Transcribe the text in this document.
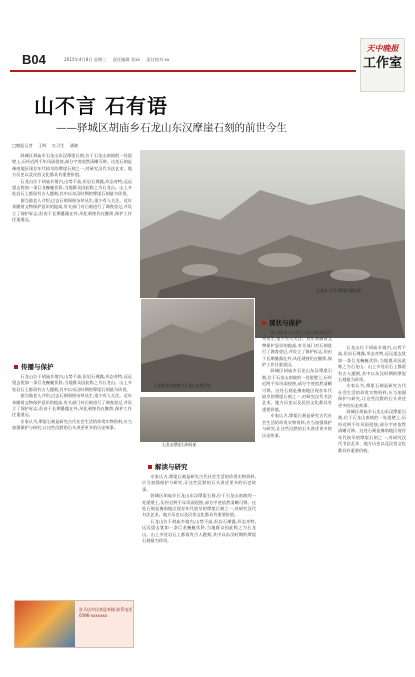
B04	2015年4月8日 星期三 责任编辑 张xx 责任校对 xx
天中晚报
工作室
山不言 石有语
——驿城区胡庙乡石龙山东汉摩崖石刻的前世今生
□晚报记者 王辉 实习生 潘晓
石龙山"天书"摩崖石刻远景
石刻所在的崖壁与石龙山自然环境
石龙山摩崖石刻局部

驿城区胡庙乡石龙山东汉摩崖石刻,位于石龙山南坡的一处崖壁上,历经近两千年风雨侵蚀,部分字迹依然清晰可辨。这处石刻是豫南地区现存年代较早的摩崖石刻之一,对研究汉代书法艺术、地方历史以及民俗文化都具有重要价值。

石龙山位于胡庙乡境内,山势不高,但岩石裸露,形态奇特,远远望去犹如一条巨龙蜿蜒伏卧,当地群众因此称之为石龙山。山上多处岩石上都留有古人题刻,其中以东汉时期的摩崖石刻最为珍贵。

据当地老人介绍,过去石刻周围杂草丛生,很少有人关注。近年来随着文物保护意识的提高,有关部门对石刻进行了调查登记,并设立了保护标志,但由于长期暴露在外,风化剥蚀仍在继续,保护工作任重道远。

传播与保护

石龙山位于胡庙乡境内,山势不高,但岩石裸露,形态奇特,远远望去犹如一条巨龙蜿蜒伏卧,当地群众因此称之为石龙山。山上多处岩石上都留有古人题刻,其中以东汉时期的摩崖石刻最为珍贵。

据当地老人介绍,过去石刻周围杂草丛生,很少有人关注。近年来随着文物保护意识的提高,有关部门对石刻进行了调查登记,并设立了保护标志,但由于长期暴露在外,风化剥蚀仍在继续,保护工作任重道远。

专家认为,摩崖石刻是研究古代社会生活的珍贵实物资料,应当加强保护与研究,让这些沉默的石头讲述更多的历史故事。

现状与保护

据当地老人介绍,过去石刻周围杂草丛生,很少有人关注。近年来随着文物保护意识的提高,有关部门对石刻进行了调查登记,并设立了保护标志,但由于长期暴露在外,风化剥蚀仍在继续,保护工作任重道远。

驿城区胡庙乡石龙山东汉摩崖石刻,位于石龙山南坡的一处崖壁上,历经近两千年风雨侵蚀,部分字迹依然清晰可辨。这处石刻是豫南地区现存年代较早的摩崖石刻之一,对研究汉代书法艺术、地方历史以及民俗文化都具有重要价值。

专家认为,摩崖石刻是研究古代社会生活的珍贵实物资料,应当加强保护与研究,让这些沉默的石头讲述更多的历史故事。

石龙山位于胡庙乡境内,山势不高,但岩石裸露,形态奇特,远远望去犹如一条巨龙蜿蜒伏卧,当地群众因此称之为石龙山。山上多处岩石上都留有古人题刻,其中以东汉时期的摩崖石刻最为珍贵。

专家认为,摩崖石刻是研究古代社会生活的珍贵实物资料,应当加强保护与研究,让这些沉默的石头讲述更多的历史故事。

驿城区胡庙乡石龙山东汉摩崖石刻,位于石龙山南坡的一处崖壁上,历经近两千年风雨侵蚀,部分字迹依然清晰可辨。这处石刻是豫南地区现存年代较早的摩崖石刻之一,对研究汉代书法艺术、地方历史以及民俗文化都具有重要价值。

解读与研究

专家认为,摩崖石刻是研究古代社会生活的珍贵实物资料,应当加强保护与研究,让这些沉默的石头讲述更多的历史故事。

驿城区胡庙乡石龙山东汉摩崖石刻,位于石龙山南坡的一处崖壁上,历经近两千年风雨侵蚀,部分字迹依然清晰可辨。这处石刻是豫南地区现存年代较早的摩崖石刻之一,对研究汉代书法艺术、地方历史以及民俗文化都具有重要价值。

石龙山位于胡庙乡境内,山势不高,但岩石裸露,形态奇特,远远望去犹如一条巨龙蜿蜒伏卧,当地群众因此称之为石龙山。山上多处岩石上都留有古人题刻,其中以东汉时期的摩崖石刻最为珍贵。

驻马店市民欢迎来稿 联系电话 0396-xxxxxxx
